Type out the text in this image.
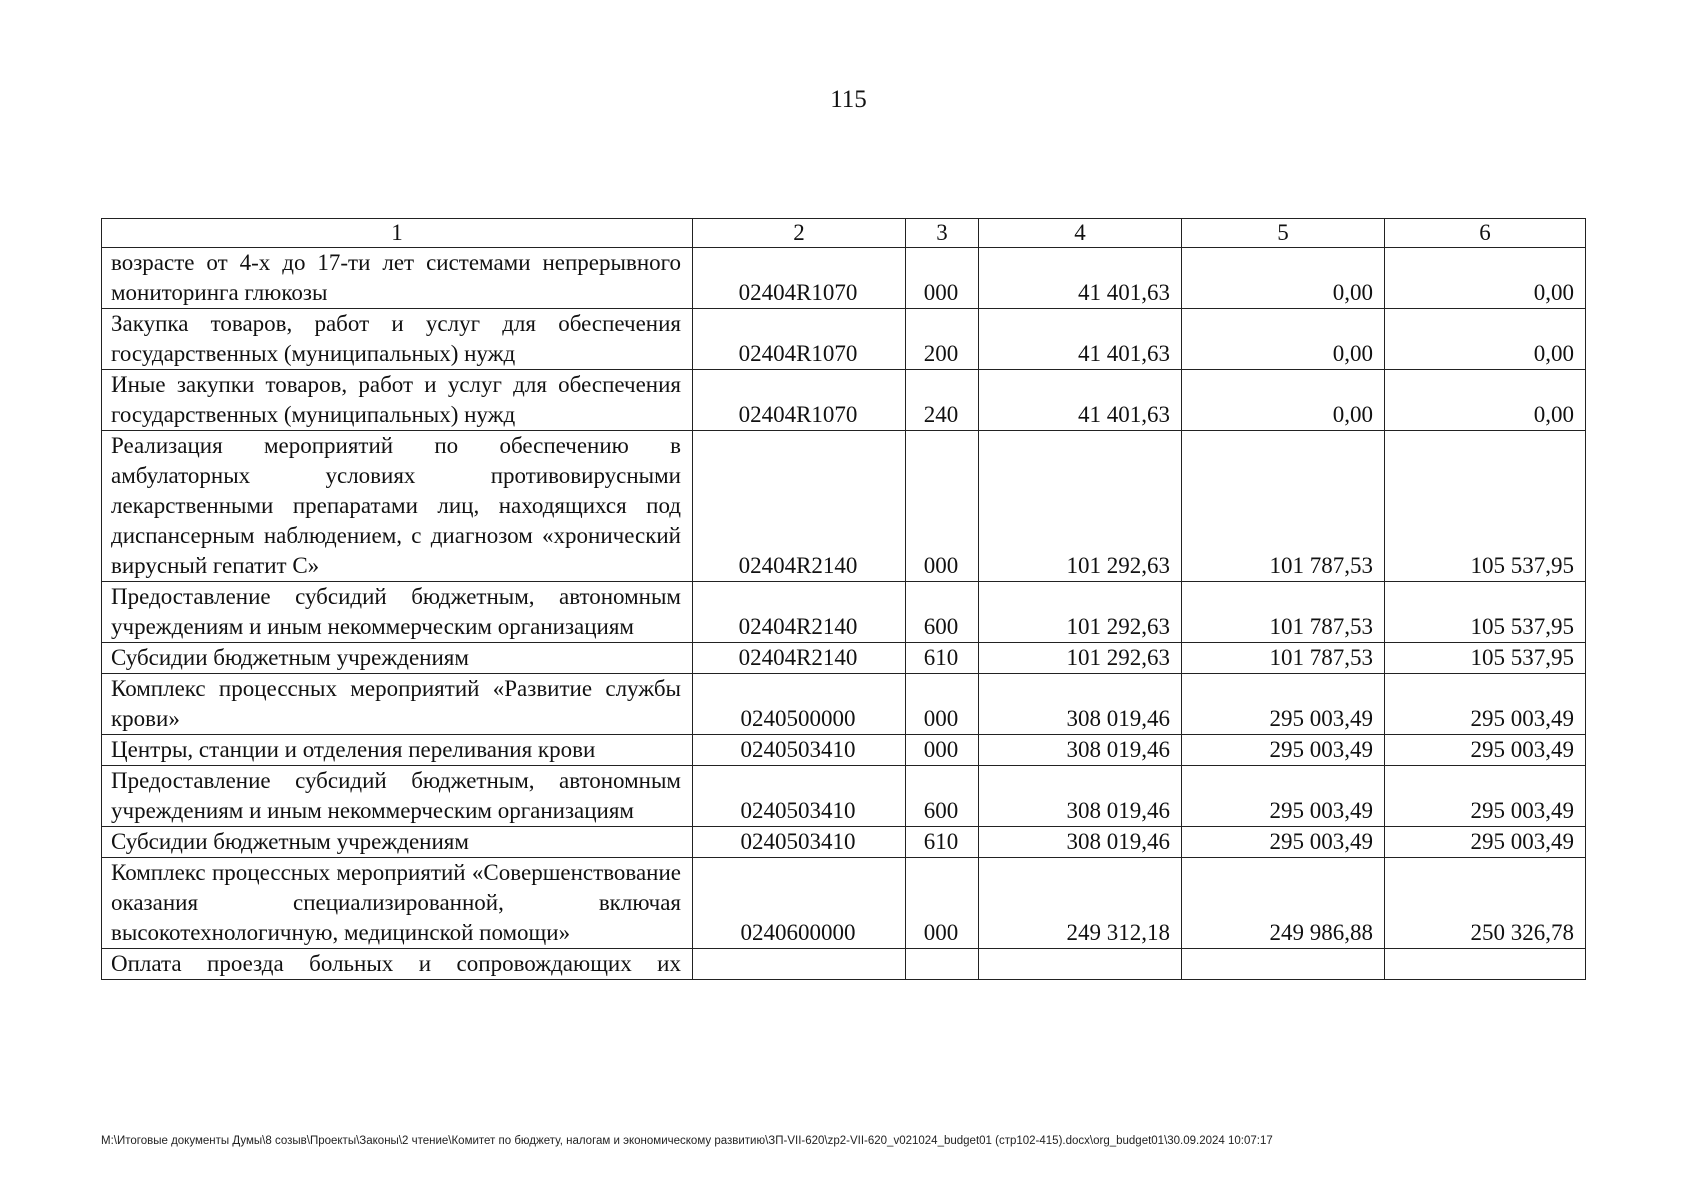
115
1	2	3	4	5	6
возрасте от 4-х до 17-ти лет системами непрерывного мониторинга глюкозы	02404R1070	000	41 401,63	0,00	0,00
Закупка товаров, работ и услуг для обеспечения государственных (муниципальных) нужд	02404R1070	200	41 401,63	0,00	0,00
Иные закупки товаров, работ и услуг для обеспечения государственных (муниципальных) нужд	02404R1070	240	41 401,63	0,00	0,00
Реализация мероприятий по обеспечению в амбулаторных условиях противовирусными лекарственными препаратами лиц, находящихся под диспансерным наблюдением, с диагнозом «хронический вирусный гепатит С»	02404R2140	000	101 292,63	101 787,53	105 537,95
Предоставление субсидий бюджетным, автономным учреждениям и иным некоммерческим организациям	02404R2140	600	101 292,63	101 787,53	105 537,95
Субсидии бюджетным учреждениям	02404R2140	610	101 292,63	101 787,53	105 537,95
Комплекс процессных мероприятий «Развитие службы крови»	0240500000	000	308 019,46	295 003,49	295 003,49
Центры, станции и отделения переливания крови	0240503410	000	308 019,46	295 003,49	295 003,49
Предоставление субсидий бюджетным, автономным учреждениям и иным некоммерческим организациям	0240503410	600	308 019,46	295 003,49	295 003,49
Субсидии бюджетным учреждениям	0240503410	610	308 019,46	295 003,49	295 003,49
Комплекс процессных мероприятий «Совершенствование оказания специализированной, включая высокотехнологичную, медицинской помощи»	0240600000	000	249 312,18	249 986,88	250 326,78
Оплата проезда больных и сопровождающих их					
М:\Итоговые документы Думы\8 созыв\Проекты\Законы\2 чтение\Комитет по бюджету, налогам и экономическому развитию\ЗП-VII-620\zp2-VII-620_v021024_budget01 (стр102-415).docx\org_budget01\30.09.2024 10:07:17
